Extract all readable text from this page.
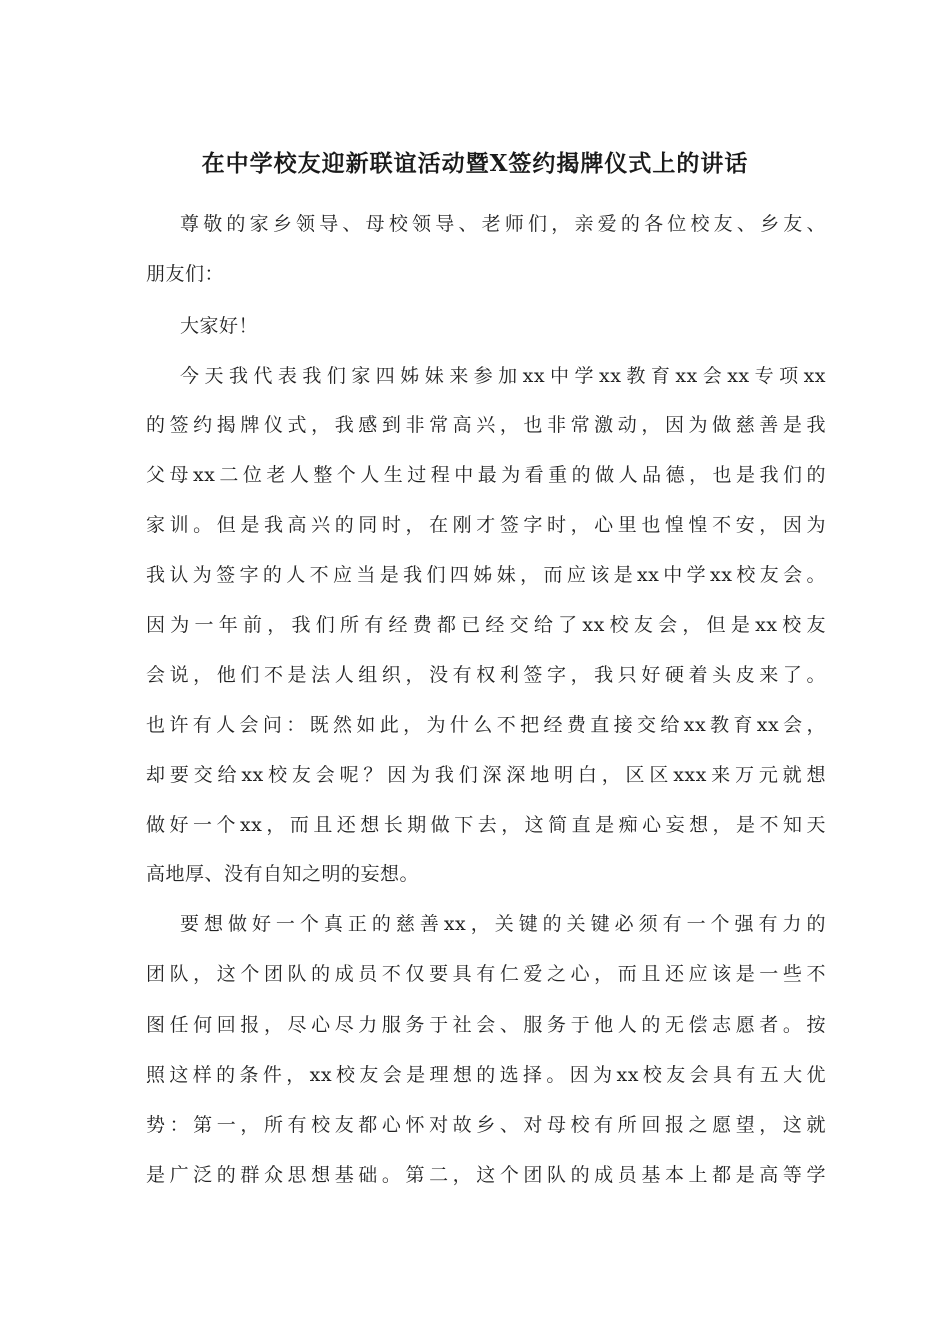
在中学校友迎新联谊活动暨X签约揭牌仪式上的讲话
尊敬的家乡领导、母校领导、老师们，亲爱的各位校友、乡友、
朋友们：
大家好！
今天我代表我们家四姊妹来参加xx中学xx教育xx会xx专项xx
的签约揭牌仪式，我感到非常高兴，也非常激动，因为做慈善是我
父母xx二位老人整个人生过程中最为看重的做人品德，也是我们的
家训。但是我高兴的同时，在刚才签字时，心里也惶惶不安，因为
我认为签字的人不应当是我们四姊妹，而应该是xx中学xx校友会。
因为一年前，我们所有经费都已经交给了xx校友会，但是xx校友
会说，他们不是法人组织，没有权利签字，我只好硬着头皮来了。
也许有人会问：既然如此，为什么不把经费直接交给xx教育xx会，
却要交给xx校友会呢？因为我们深深地明白，区区xxx来万元就想
做好一个xx，而且还想长期做下去，这简直是痴心妄想，是不知天
高地厚、没有自知之明的妄想。
要想做好一个真正的慈善xx，关键的关键必须有一个强有力的
团队，这个团队的成员不仅要具有仁爱之心，而且还应该是一些不
图任何回报，尽心尽力服务于社会、服务于他人的无偿志愿者。按
照这样的条件，xx校友会是理想的选择。因为xx校友会具有五大优
势：第一，所有校友都心怀对故乡、对母校有所回报之愿望，这就
是广泛的群众思想基础。第二，这个团队的成员基本上都是高等学
